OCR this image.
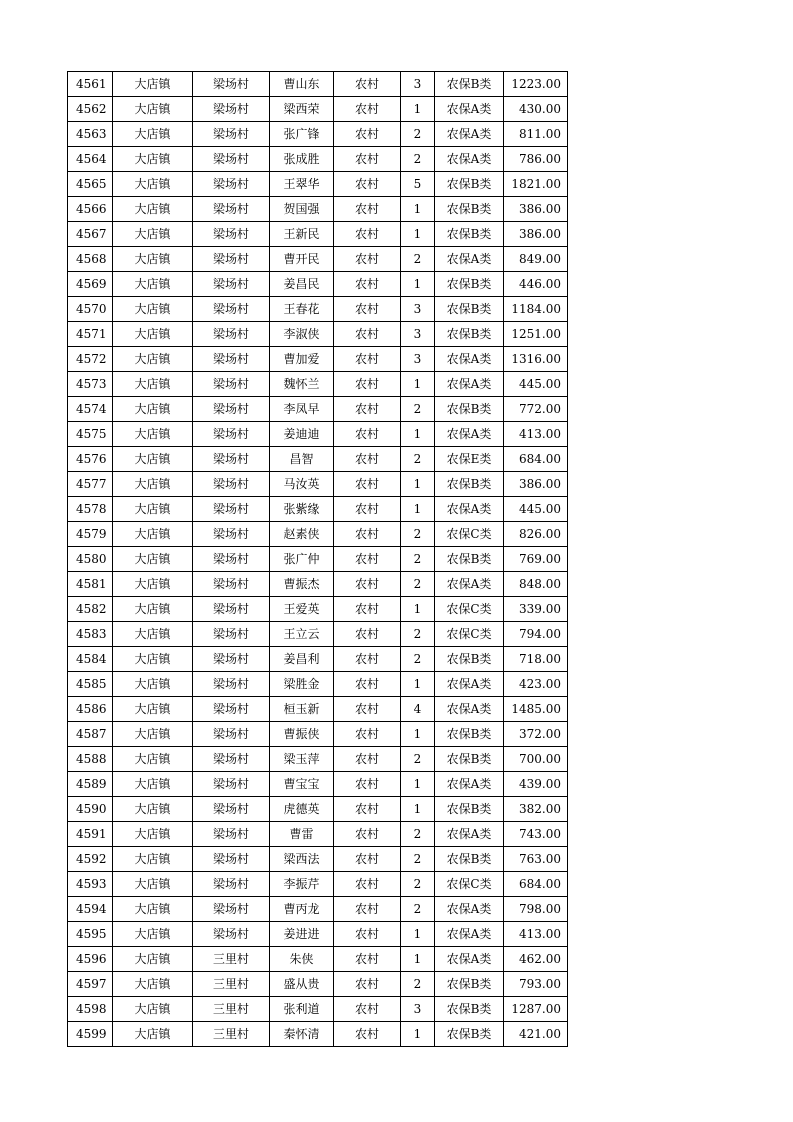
4561	大店镇	梁场村	曹山东	农村	3	农保B类	1223.00
4562	大店镇	梁场村	梁西荣	农村	1	农保A类	430.00
4563	大店镇	梁场村	张广锋	农村	2	农保A类	811.00
4564	大店镇	梁场村	张成胜	农村	2	农保A类	786.00
4565	大店镇	梁场村	王翠华	农村	5	农保B类	1821.00
4566	大店镇	梁场村	贺国强	农村	1	农保B类	386.00
4567	大店镇	梁场村	王新民	农村	1	农保B类	386.00
4568	大店镇	梁场村	曹开民	农村	2	农保A类	849.00
4569	大店镇	梁场村	姜昌民	农村	1	农保B类	446.00
4570	大店镇	梁场村	王春花	农村	3	农保B类	1184.00
4571	大店镇	梁场村	李淑侠	农村	3	农保B类	1251.00
4572	大店镇	梁场村	曹加爱	农村	3	农保A类	1316.00
4573	大店镇	梁场村	魏怀兰	农村	1	农保A类	445.00
4574	大店镇	梁场村	李凤早	农村	2	农保B类	772.00
4575	大店镇	梁场村	姜迪迪	农村	1	农保A类	413.00
4576	大店镇	梁场村	昌智	农村	2	农保E类	684.00
4577	大店镇	梁场村	马汝英	农村	1	农保B类	386.00
4578	大店镇	梁场村	张紫缘	农村	1	农保A类	445.00
4579	大店镇	梁场村	赵素侠	农村	2	农保C类	826.00
4580	大店镇	梁场村	张广仲	农村	2	农保B类	769.00
4581	大店镇	梁场村	曹振杰	农村	2	农保A类	848.00
4582	大店镇	梁场村	王爱英	农村	1	农保C类	339.00
4583	大店镇	梁场村	王立云	农村	2	农保C类	794.00
4584	大店镇	梁场村	姜昌利	农村	2	农保B类	718.00
4585	大店镇	梁场村	梁胜金	农村	1	农保A类	423.00
4586	大店镇	梁场村	桓玉新	农村	4	农保A类	1485.00
4587	大店镇	梁场村	曹振侠	农村	1	农保B类	372.00
4588	大店镇	梁场村	梁玉萍	农村	2	农保B类	700.00
4589	大店镇	梁场村	曹宝宝	农村	1	农保A类	439.00
4590	大店镇	梁场村	虎德英	农村	1	农保B类	382.00
4591	大店镇	梁场村	曹雷	农村	2	农保A类	743.00
4592	大店镇	梁场村	梁西法	农村	2	农保B类	763.00
4593	大店镇	梁场村	李振芹	农村	2	农保C类	684.00
4594	大店镇	梁场村	曹丙龙	农村	2	农保A类	798.00
4595	大店镇	梁场村	姜进进	农村	1	农保A类	413.00
4596	大店镇	三里村	朱侠	农村	1	农保A类	462.00
4597	大店镇	三里村	盛从贵	农村	2	农保B类	793.00
4598	大店镇	三里村	张利道	农村	3	农保B类	1287.00
4599	大店镇	三里村	秦怀清	农村	1	农保B类	421.00
